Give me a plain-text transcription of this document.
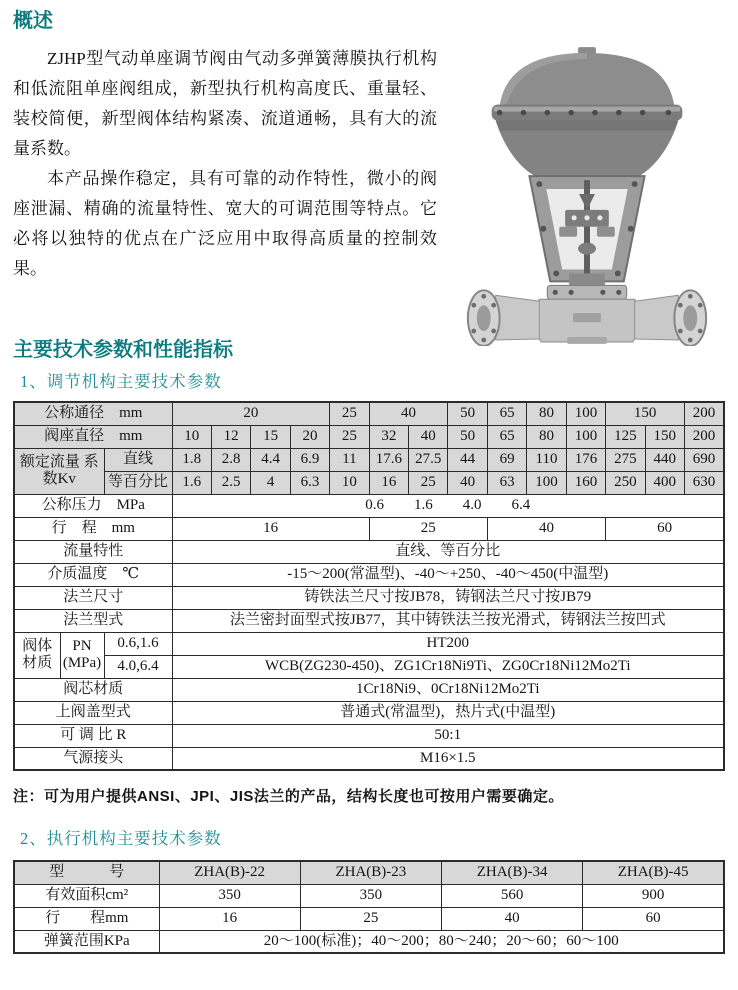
概述

ZJHP型气动单座调节阀由气动多弹簧薄膜执行机构和低流阻单座阀组成，新型执行机构高度氏、重量轻、装校简便，新型阀体结构紧凑、流道通畅，具有大的流量系数。

本产品操作稳定，具有可靠的动作特性，微小的阀座泄漏、精确的流量特性、宽大的可调范围等特点。它必将以独特的优点在广泛应用中取得高质量的控制效果。

主要技术参数和性能指标
1、调节机构主要技术参数
公称通径　mm			20				25	40		50	65	80	100	150		200
阀座直径　mm			10	12	15	20	25	32	40	50	65	80	100	125	150	200
额定流量 系数Kv		直线	1.8	2.8	4.4	6.9	11	17.6	27.5	44	69	110	176	275	440	690
		等百分比	1.6	2.5	4	6.3	10	16	25	40	63	100	160	250	400	630
公称压力　MPa			0.6　　1.6　　4.0　　6.4													
行　程　mm			16					25			40			60		
流量特性			直线、等百分比													
介质温度　℃			-15～200(常温型)、-40～+250、-40～450(中温型)													
法兰尺寸			铸铁法兰尺寸按JB78，铸钢法兰尺寸按JB79													
法兰型式			法兰密封面型式按JB77，其中铸铁法兰按光滑式，铸钢法兰按凹式													
阀体材质	PN (MPa)	0.6,1.6	HT200													
		4.0,6.4	WCB(ZG230-450)、ZG1Cr18Ni9Ti、ZG0Cr18Ni12Mo2Ti													
阀芯材质			1Cr18Ni9、0Cr18Ni12Mo2Ti													
上阀盖型式			普通式(常温型)，热片式(中温型)													
可 调 比 R			50:1													
气源接头			M16×1.5													
注：可为用户提供ANSI、JPI、JIS法兰的产品，结构长度也可按用户需要确定。
2、执行机构主要技术参数
型　　　号	ZHA(B)-22	ZHA(B)-23	ZHA(B)-34	ZHA(B)-45
有效面积cm²	350	350	560	900
行　　程mm	16	25	40	60
弹簧范围KPa	20～100(标准)；40～200；80～240；20～60；60～100			
